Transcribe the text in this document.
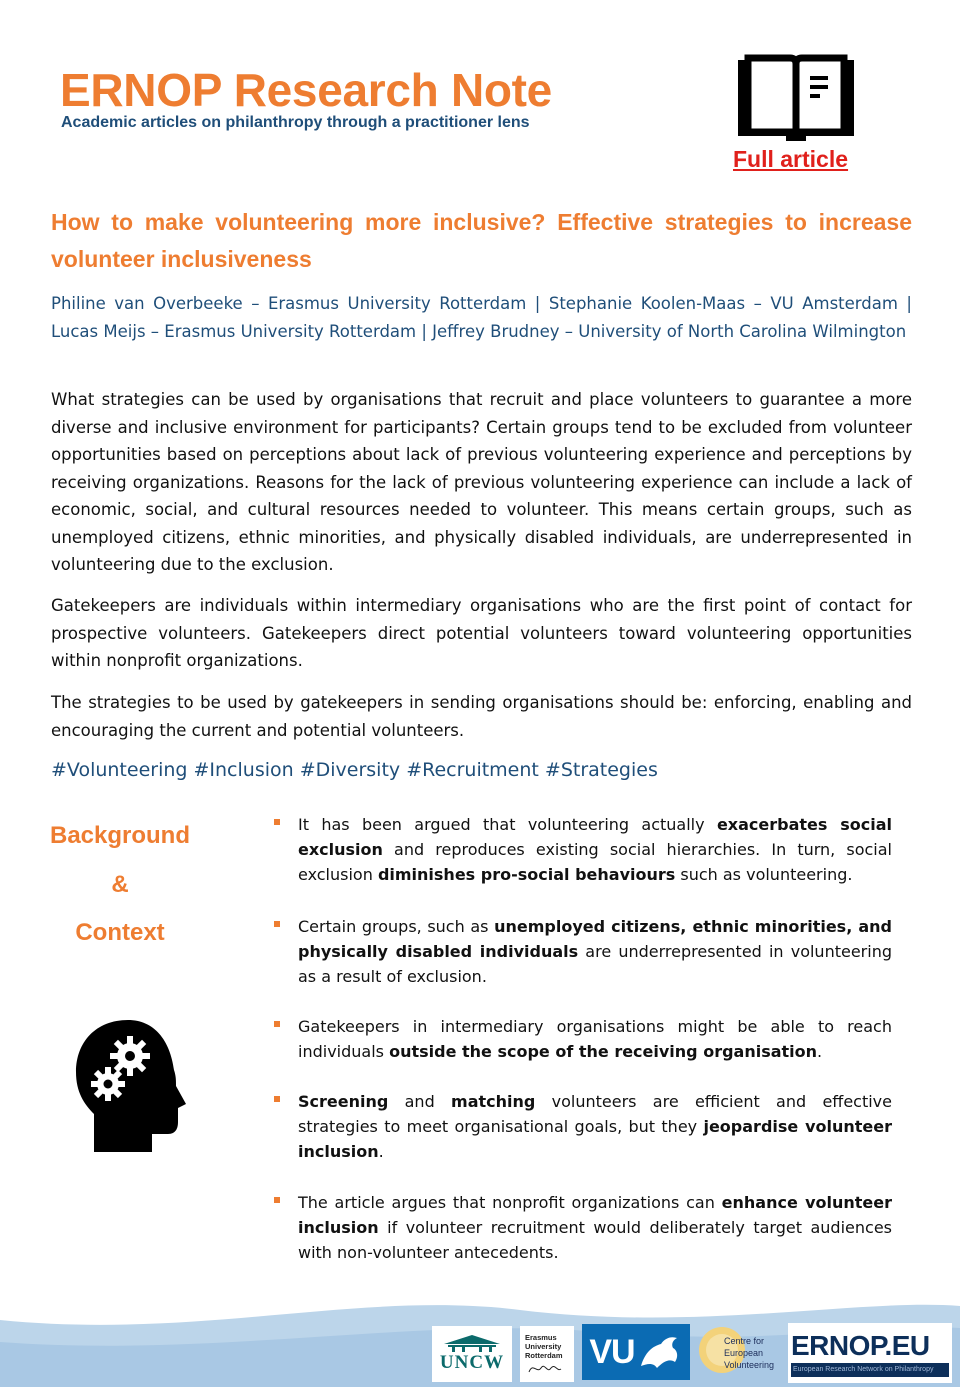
ERNOP Research Note
Academic articles on philanthropy through a practitioner lens
Full article
How to make volunteering more inclusive? Effective strategies to increase volunteer inclusiveness
Philine van Overbeeke – Erasmus University Rotterdam | Stephanie Koolen-Maas – VU Amsterdam | Lucas Meijs – Erasmus University Rotterdam | Jeffrey Brudney – University of North Carolina Wilmington

What strategies can be used by organisations that recruit and place volunteers to guarantee a more diverse and inclusive environment for participants? Certain groups tend to be excluded from volunteer opportunities based on perceptions about lack of previous volunteering experience and perceptions by receiving organizations. Reasons for the lack of previous volunteering experience can include a lack of economic, social, and cultural resources needed to volunteer. This means certain groups, such as unemployed citizens, ethnic minorities, and physically disabled individuals, are underrepresented in volunteering due to the exclusion.

Gatekeepers are individuals within intermediary organisations who are the first point of contact for prospective volunteers. Gatekeepers direct potential volunteers toward volunteering opportunities within nonprofit organizations.

The strategies to be used by gatekeepers in sending organisations should be: enforcing, enabling and encouraging the current and potential volunteers.

#Volunteering #Inclusion #Diversity #Recruitment #Strategies
Background
&
Context
It has been argued that volunteering actually exacerbates social exclusion and reproduces existing social hierarchies. In turn, social exclusion diminishes pro-social behaviours such as volunteering.
Certain groups, such as unemployed citizens, ethnic minorities, and physically disabled individuals are underrepresented in volunteering as a result of exclusion.
Gatekeepers in intermediary organisations might be able to reach individuals outside the scope of the receiving organisation.
Screening and matching volunteers are efficient and effective strategies to meet organisational goals, but they jeopardise volunteer inclusion.
The article argues that nonprofit organizations can enhance volunteer inclusion if volunteer recruitment would deliberately target audiences with non-volunteer antecedents.
UNCW
Erasmus
University
Rotterdam VU	Centre for
European
Volunteering
ERNOP.EU
European Research Network on Philanthropy
